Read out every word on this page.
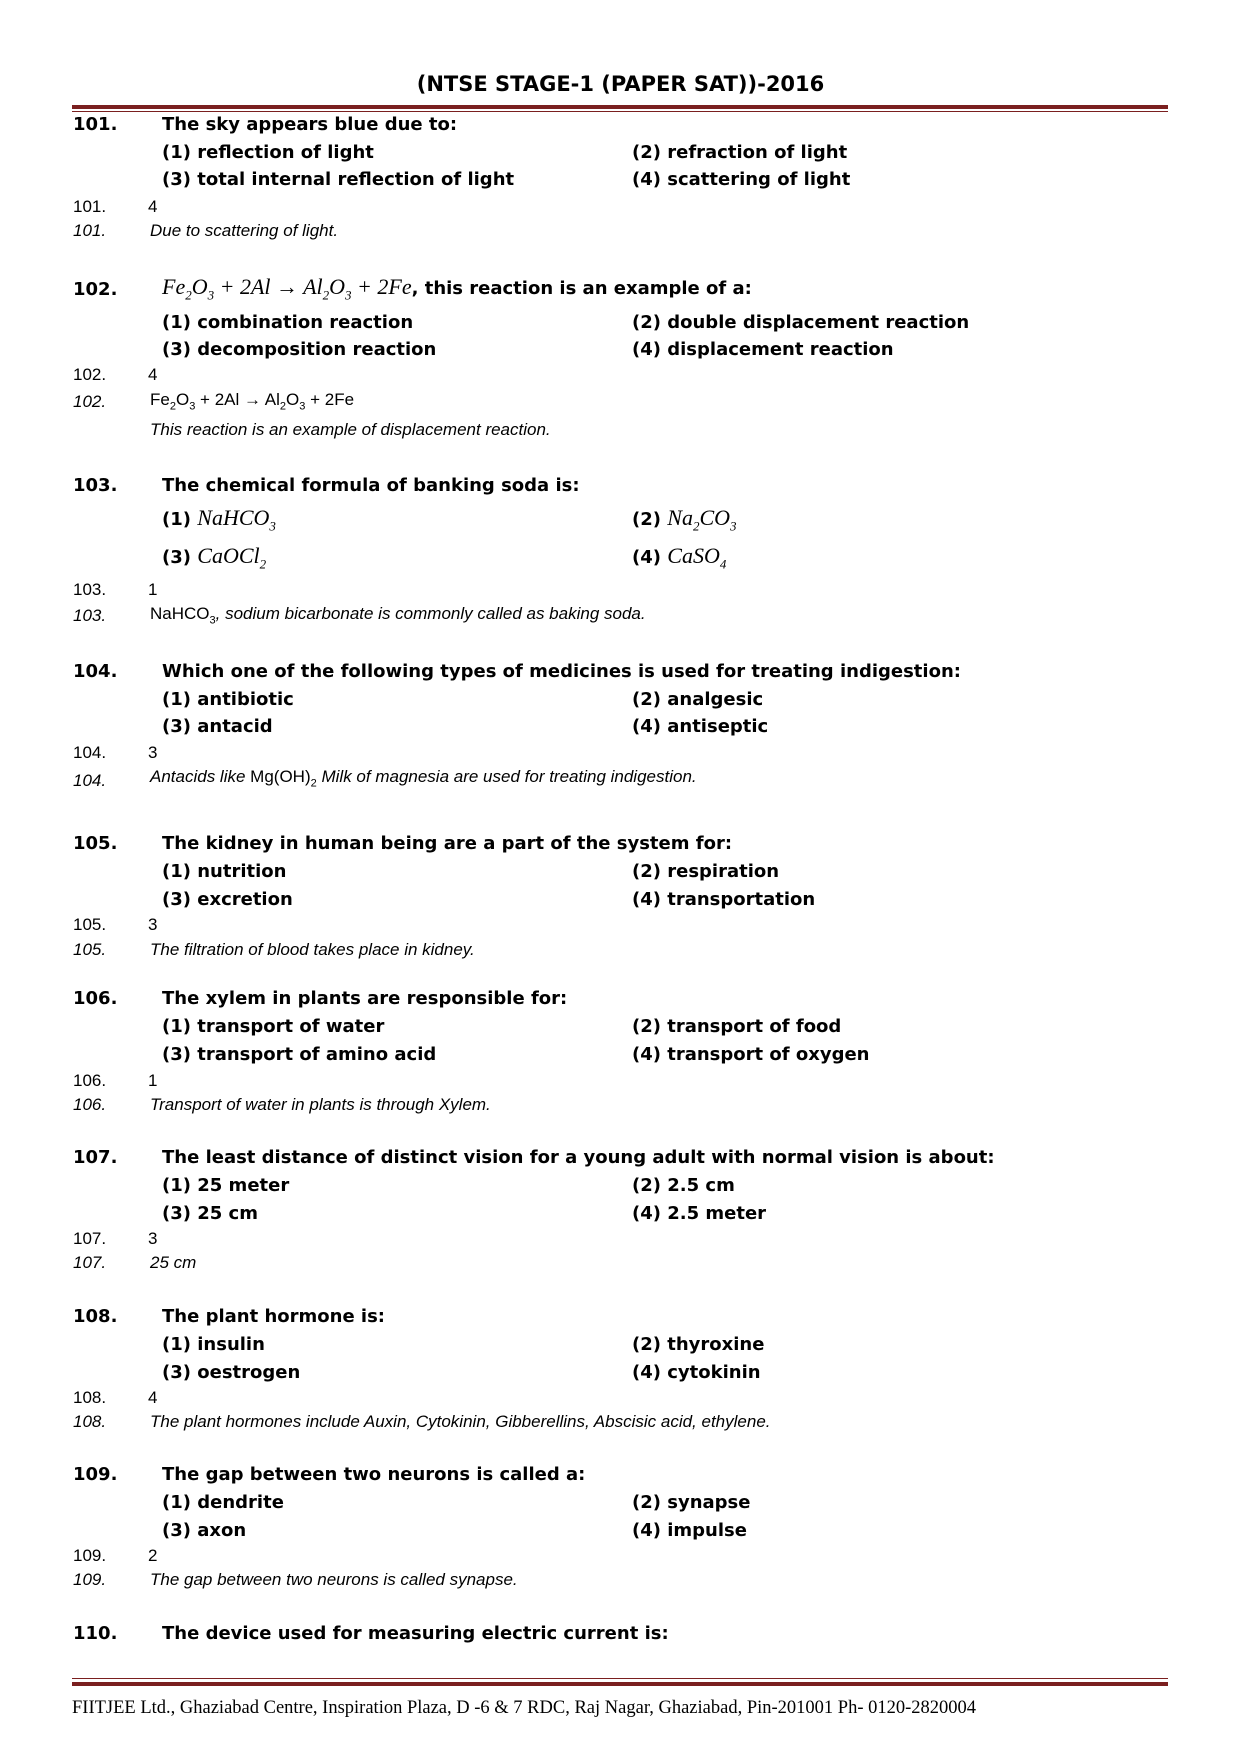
(NTSE STAGE-1 (PAPER SAT))-2016
101. The sky appears blue due to:
(1) reflection of light	(2) refraction of light
(3) total internal reflection of light	(4) scattering of light
101. 4
101.	Due to scattering of light.
102. $Fe_2O_3 + 2Al \to Al_2O_3 + 2Fe$, this reaction is an example of a:
(1) combination reaction	(2) double displacement reaction
(3) decomposition reaction	(4) displacement reaction
102. 4
102.	$Fe_2O_3 + 2Al \to Al_2O_3 + 2Fe$
This reaction is an example of displacement reaction.
103. The chemical formula of banking soda is:
(1) NaHCO$_3$	(2) $Na_2CO_3$
(3) CaOCl$_2$	(4) CaSO$_4$
103. 1
103.	NaHCO$_3$, sodium bicarbonate is commonly called as baking soda.
104. Which one of the following types of medicines is used for treating indigestion:
(1) antibiotic	(2) analgesic
(3) antacid	(4) antiseptic
104. 3
104.	Antacids like $Mg(OH)_2$ Milk of magnesia are used for treating indigestion.
105. The kidney in human being are a part of the system for:
(1) nutrition	(2) respiration
(3) excretion	(4) transportation
105. 3
105.	The filtration of blood takes place in kidney.
106. The xylem in plants are responsible for:
(1) transport of water	(2) transport of food
(3) transport of amino acid	(4) transport of oxygen
106. 1
106.	Transport of water in plants is through Xylem.
107. The least distance of distinct vision for a young adult with normal vision is about:
(1) 25 meter	(2) 2.5 cm
(3) 25 cm	(4) 2.5 meter
107. 3
107.	25 cm
108. The plant hormone is:
(1) insulin	(2) thyroxine
(3) oestrogen	(4) cytokinin
108. 4
108.	The plant hormones include Auxin, Cytokinin, Gibberellins, Abscisic acid, ethylene.
109. The gap between two neurons is called a:
(1) dendrite	(2) synapse
(3) axon	(4) impulse
109. 2
109.	The gap between two neurons is called synapse.
110. The device used for measuring electric current is:
FIITJEE Ltd., Ghaziabad Centre, Inspiration Plaza, D -6 & 7 RDC, Raj Nagar, Ghaziabad, Pin-201001 Ph- 0120-2820004
